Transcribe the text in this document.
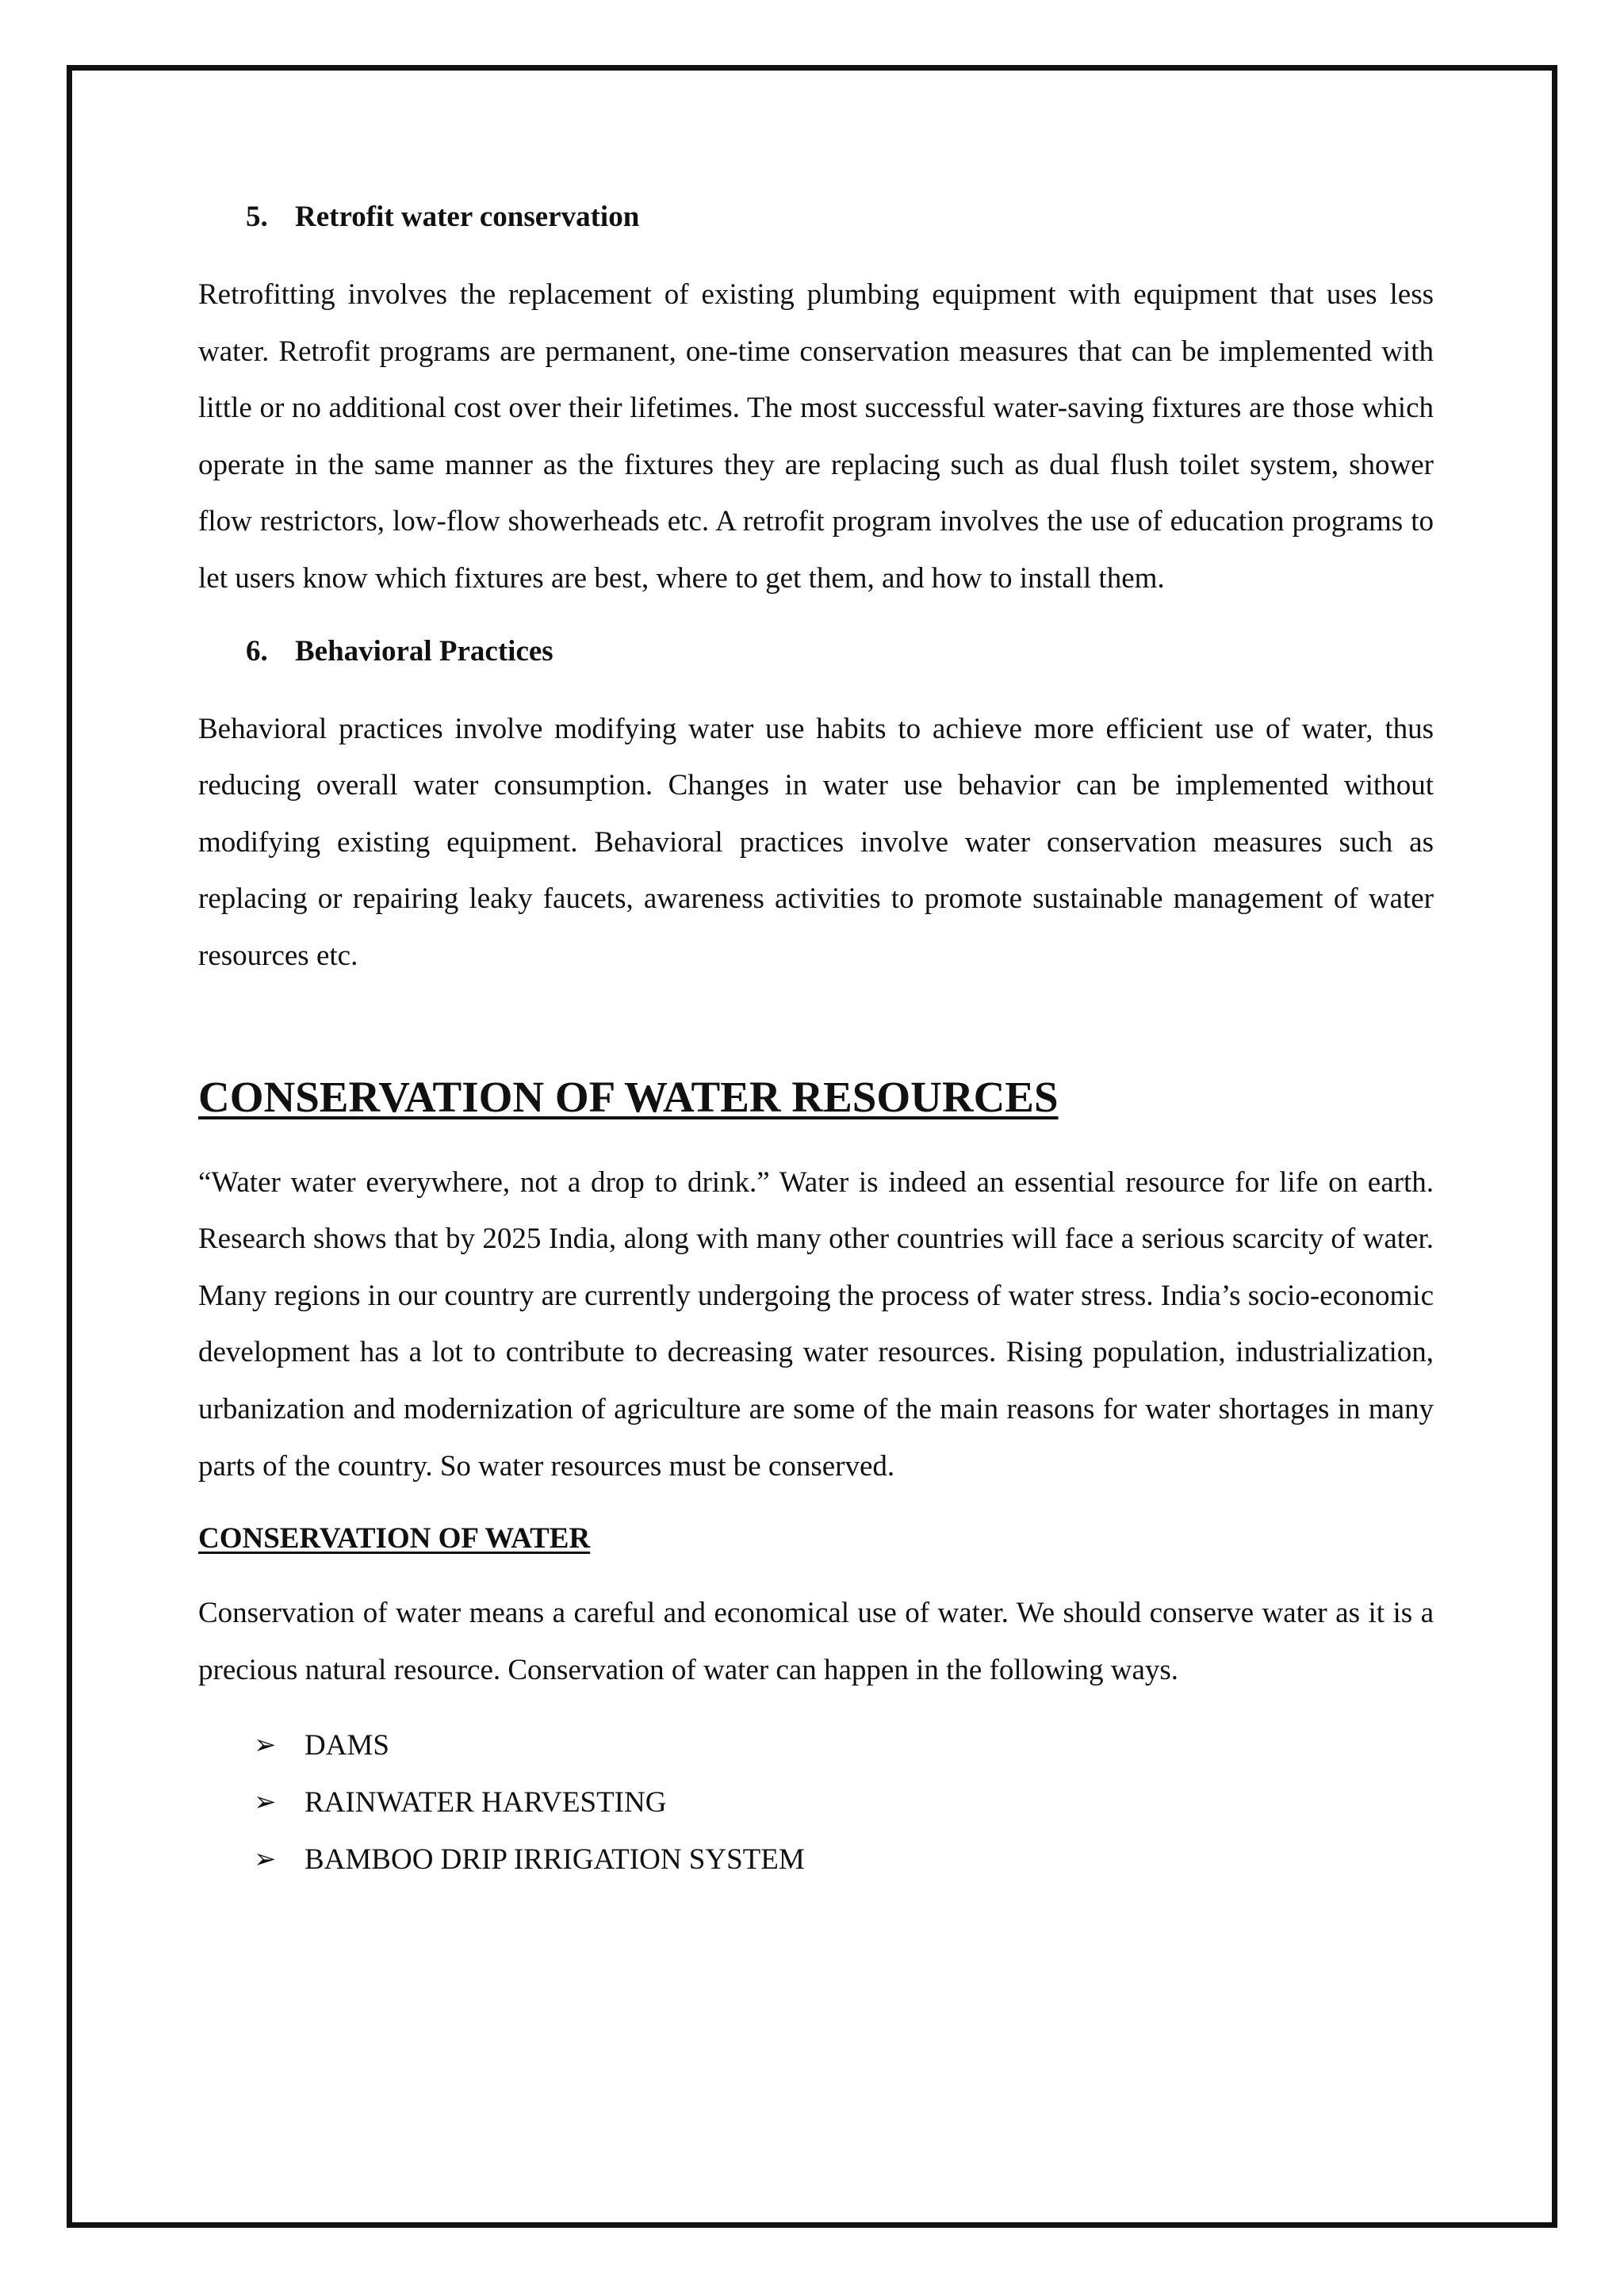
5. Retrofit water conservation

Retrofitting involves the replacement of existing plumbing equipment with equipment that uses less water. Retrofit programs are permanent, one-time conservation measures that can be implemented with little or no additional cost over their lifetimes. The most successful water-saving fixtures are those which operate in the same manner as the fixtures they are replacing such as dual flush toilet system, shower flow restrictors, low-flow showerheads etc. A retrofit program involves the use of education programs to let users know which fixtures are best, where to get them, and how to install them.

6. Behavioral Practices

Behavioral practices involve modifying water use habits to achieve more efficient use of water, thus reducing overall water consumption. Changes in water use behavior can be implemented without modifying existing equipment. Behavioral practices involve water conservation measures such as replacing or repairing leaky faucets, awareness activities to promote sustainable management of water resources etc.

CONSERVATION OF WATER RESOURCES

“Water water everywhere, not a drop to drink.” Water is indeed an essential resource for life on earth. Research shows that by 2025 India, along with many other countries will face a serious scarcity of water. Many regions in our country are currently undergoing the process of water stress. India’s socio-economic development has a lot to contribute to decreasing water resources. Rising population, industrialization, urbanization and modernization of agriculture are some of the main reasons for water shortages in many parts of the country. So water resources must be conserved.

CONSERVATION OF WATER

Conservation of water means a careful and economical use of water. We should conserve water as it is a precious natural resource. Conservation of water can happen in the following ways.

➢ DAMS
➢ RAINWATER HARVESTING
➢ BAMBOO DRIP IRRIGATION SYSTEM
